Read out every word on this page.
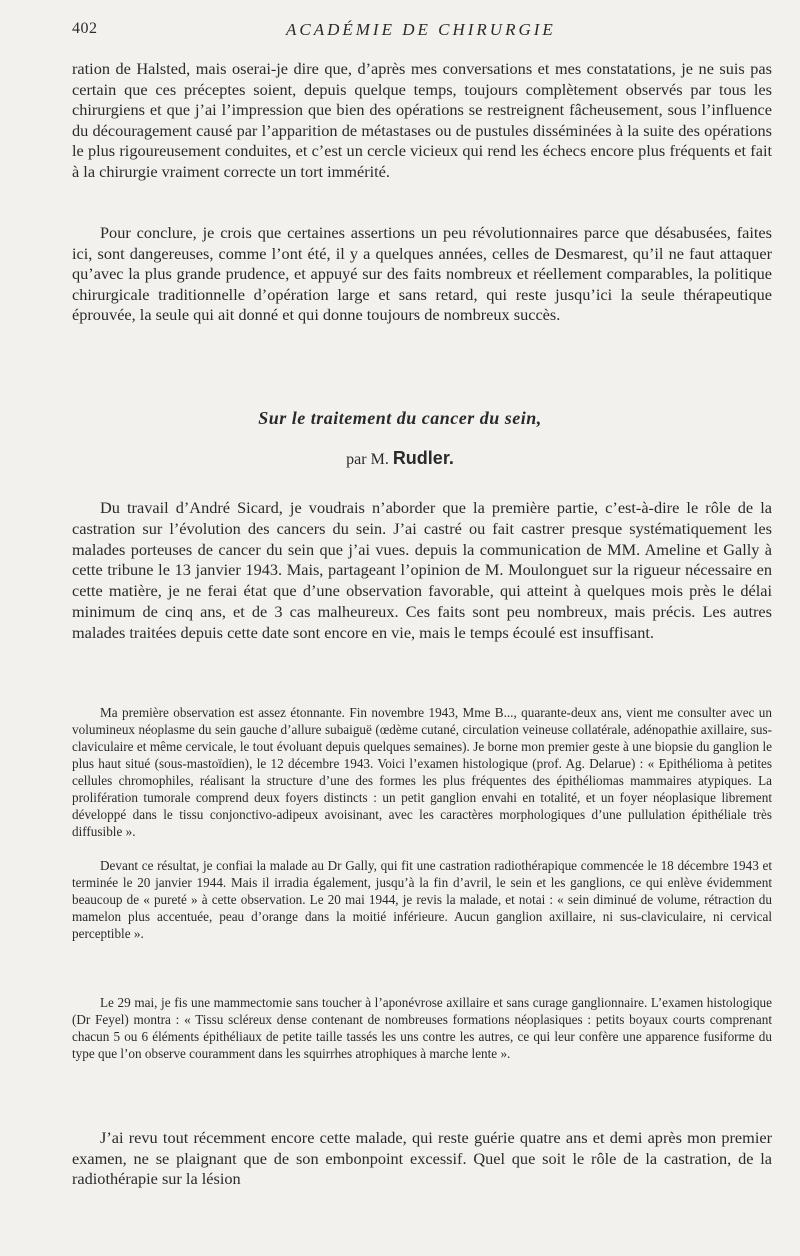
402	ACADÉMIE DE CHIRURGIE

ration de Halsted, mais oserai-je dire que, d’après mes conversations et mes constatations, je ne suis pas certain que ces préceptes soient, depuis quelque temps, toujours complètement observés par tous les chirurgiens et que j’ai l’impression que bien des opérations se restreignent fâcheusement, sous l’influence du découragement causé par l’apparition de métastases ou de pustules disséminées à la suite des opérations le plus rigoureusement conduites, et c’est un cercle vicieux qui rend les échecs encore plus fréquents et fait à la chirurgie vraiment correcte un tort immérité.

Pour conclure, je crois que certaines assertions un peu révolutionnaires parce que désabusées, faites ici, sont dangereuses, comme l’ont été, il y a quelques années, celles de Desmarest, qu’il ne faut attaquer qu’avec la plus grande prudence, et appuyé sur des faits nombreux et réellement comparables, la politique chirurgicale traditionnelle d’opération large et sans retard, qui reste jusqu’ici la seule thérapeutique éprouvée, la seule qui ait donné et qui donne toujours de nombreux succès.

Sur le traitement du cancer du sein,
par M. Rudler.

Du travail d’André Sicard, je voudrais n’aborder que la première partie, c’est-à-dire le rôle de la castration sur l’évolution des cancers du sein. J’ai castré ou fait castrer presque systématiquement les malades porteuses de cancer du sein que j’ai vues. depuis la communication de MM. Ameline et Gally à cette tribune le 13 janvier 1943. Mais, partageant l’opinion de M. Moulonguet sur la rigueur nécessaire en cette matière, je ne ferai état que d’une observation favorable, qui atteint à quelques mois près le délai minimum de cinq ans, et de 3 cas malheureux. Ces faits sont peu nombreux, mais précis. Les autres malades traitées depuis cette date sont encore en vie, mais le temps écoulé est insuffisant.

Ma première observation est assez étonnante. Fin novembre 1943, Mme B..., quarante-deux ans, vient me consulter avec un volumineux néoplasme du sein gauche d’allure subaiguë (œdème cutané, circulation veineuse collatérale, adénopathie axillaire, sus-claviculaire et même cervicale, le tout évoluant depuis quelques semaines). Je borne mon premier geste à une biopsie du ganglion le plus haut situé (sous-mastoïdien), le 12 décembre 1943. Voici l’examen histologique (prof. Ag. Delarue) : « Epithélioma à petites cellules chromophiles, réalisant la structure d’une des formes les plus fréquentes des épithéliomas mammaires atypiques. La prolifération tumorale comprend deux foyers distincts : un petit ganglion envahi en totalité, et un foyer néoplasique librement développé dans le tissu conjonctivo-adipeux avoisinant, avec les caractères morphologiques d’une pullulation épithéliale très diffusible ».

Devant ce résultat, je confiai la malade au Dr Gally, qui fit une castration radiothérapique commencée le 18 décembre 1943 et terminée le 20 janvier 1944. Mais il irradia également, jusqu’à la fin d’avril, le sein et les ganglions, ce qui enlève évidemment beaucoup de « pureté » à cette observation. Le 20 mai 1944, je revis la malade, et notai : « sein diminué de volume, rétraction du mamelon plus accentuée, peau d’orange dans la moitié inférieure. Aucun ganglion axillaire, ni sus-claviculaire, ni cervical perceptible ».

Le 29 mai, je fis une mammectomie sans toucher à l’aponévrose axillaire et sans curage ganglionnaire. L’examen histologique (Dr Feyel) montra : « Tissu scléreux dense contenant de nombreuses formations néoplasiques : petits boyaux courts comprenant chacun 5 ou 6 éléments épithéliaux de petite taille tassés les uns contre les autres, ce qui leur confère une apparence fusiforme du type que l’on observe couramment dans les squirrhes atrophiques à marche lente ».

J’ai revu tout récemment encore cette malade, qui reste guérie quatre ans et demi après mon premier examen, ne se plaignant que de son embonpoint excessif. Quel que soit le rôle de la castration, de la radiothérapie sur la lésion
